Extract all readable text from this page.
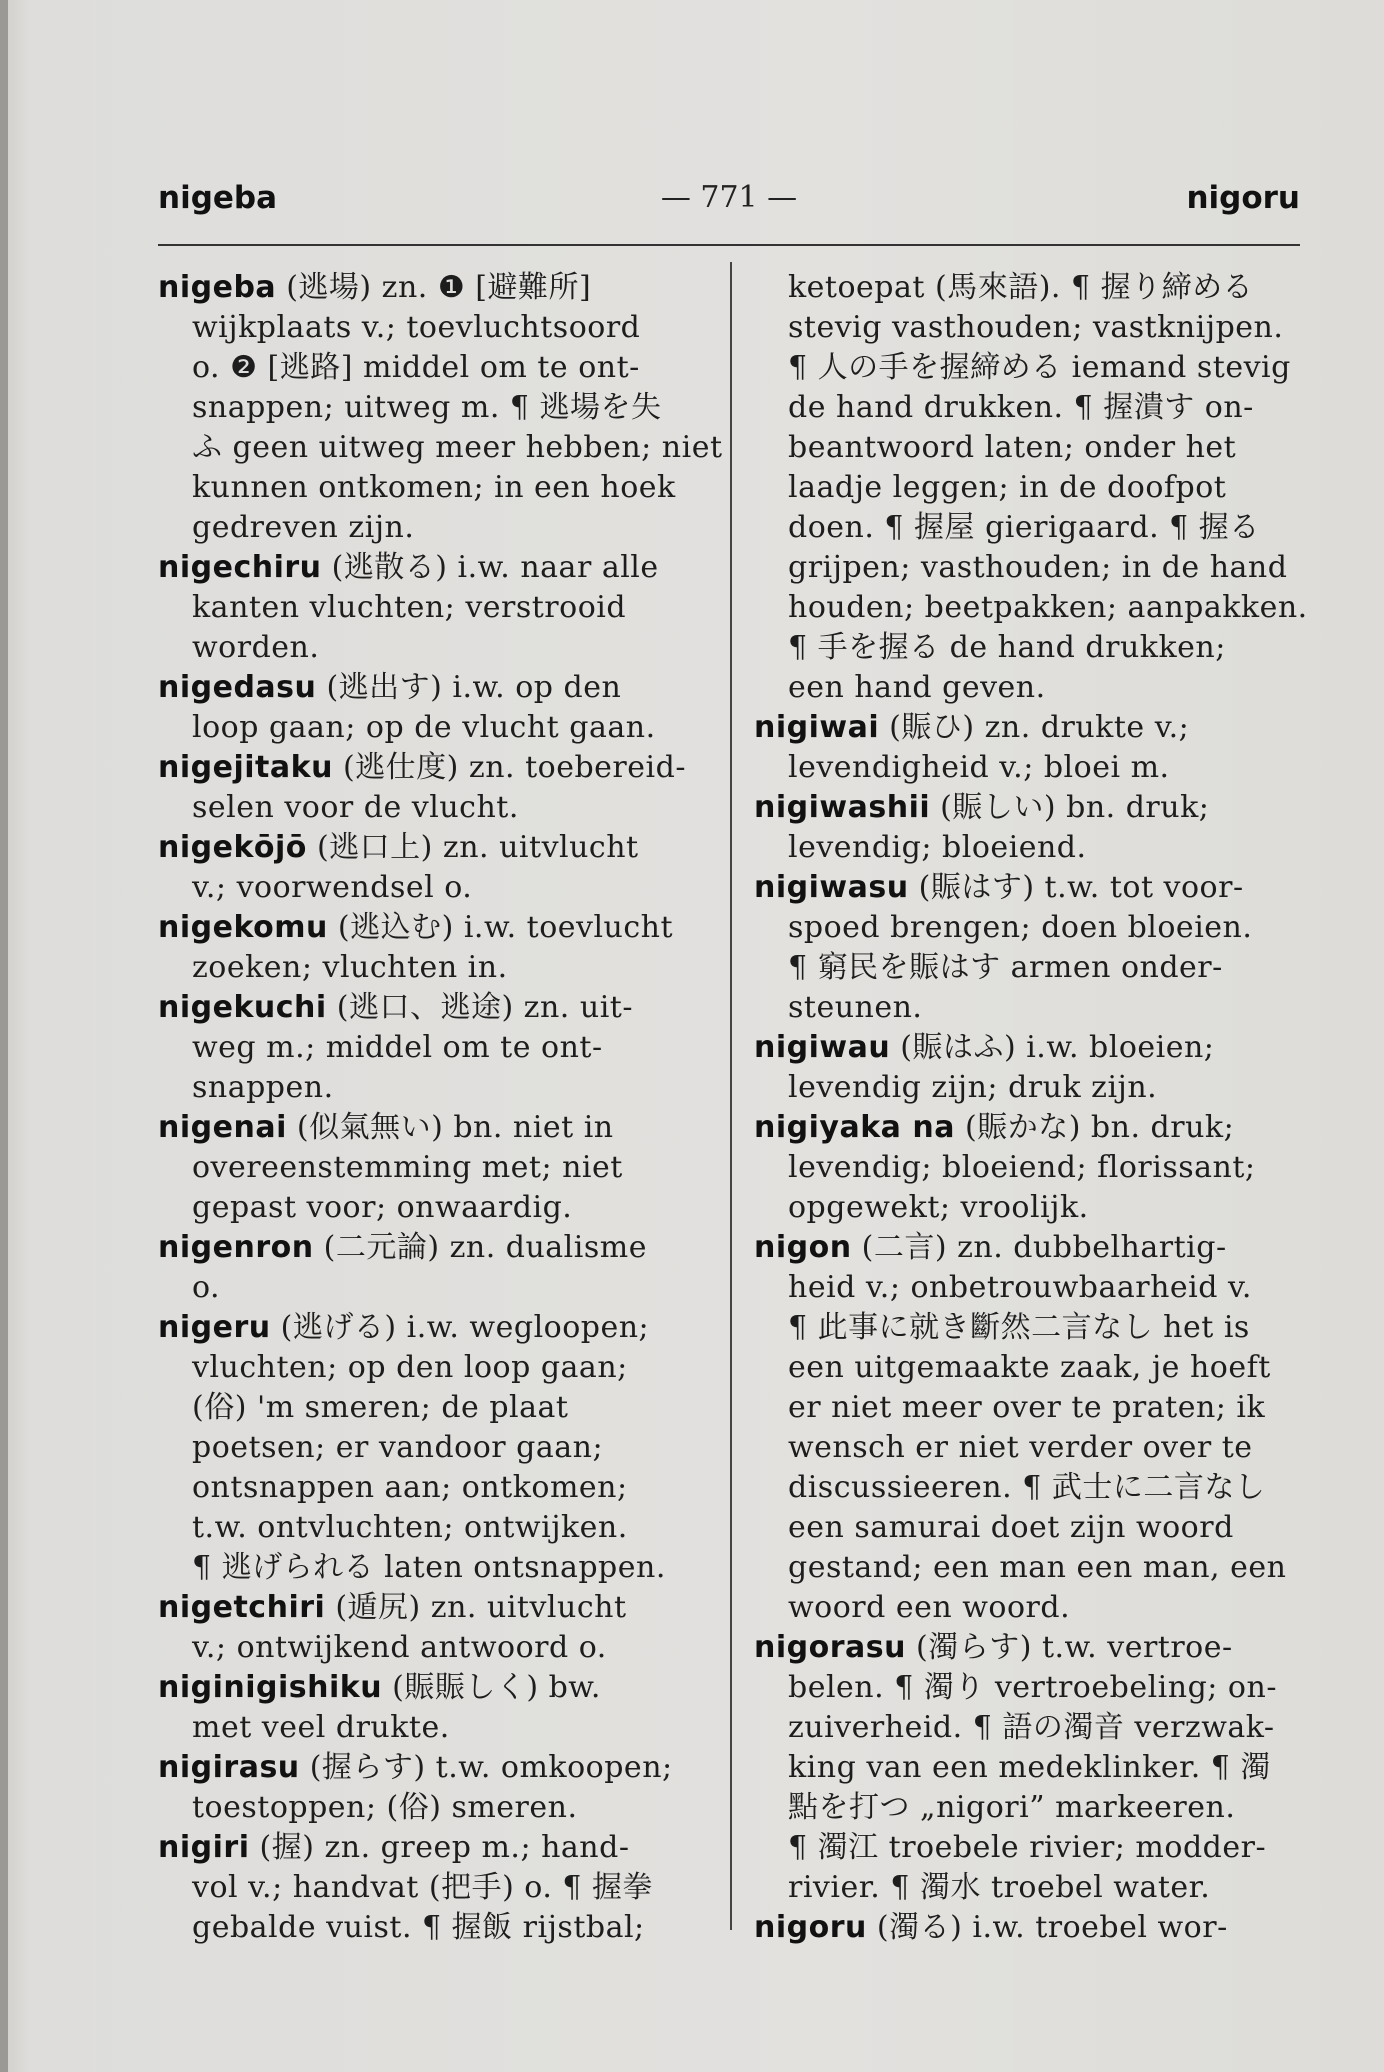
nigeba	— 771 —	nigoru
nigeba (逃場) zn. ❶ [避難所]
wijkplaats v.; toevluchtsoord
o. ❷ [逃路] middel om te ont-
snappen; uitweg m. ¶ 逃場を失
ふ geen uitweg meer hebben; niet
kunnen ontkomen; in een hoek
gedreven zijn.
nigechiru (逃散る) i.w. naar alle
kanten vluchten; verstrooid
worden.
nigedasu (逃出す) i.w. op den
loop gaan; op de vlucht gaan.
nigejitaku (逃仕度) zn. toebereid-
selen voor de vlucht.
nigekōjō (逃口上) zn. uitvlucht
v.; voorwendsel o.
nigekomu (逃込む) i.w. toevlucht
zoeken; vluchten in.
nigekuchi (逃口、逃途) zn. uit-
weg m.; middel om te ont-
snappen.
nigenai (似氣無い) bn. niet in
overeenstemming met; niet
gepast voor; onwaardig.
nigenron (二元論) zn. dualisme
o.
nigeru (逃げる) i.w. wegloopen;
vluchten; op den loop gaan;
(俗) 'm smeren; de plaat
poetsen; er vandoor gaan;
ontsnappen aan; ontkomen;
t.w. ontvluchten; ontwijken.
¶ 逃げられる laten ontsnappen.
nigetchiri (遁尻) zn. uitvlucht
v.; ontwijkend antwoord o.
niginigishiku (賑賑しく) bw.
met veel drukte.
nigirasu (握らす) t.w. omkoopen;
toestoppen; (俗) smeren.
nigiri (握) zn. greep m.; hand-
vol v.; handvat (把手) o. ¶ 握拳
gebalde vuist. ¶ 握飯 rijstbal;
ketoepat (馬來語). ¶ 握り締める
stevig vasthouden; vastknijpen.
¶ 人の手を握締める iemand stevig
de hand drukken. ¶ 握潰す on-
beantwoord laten; onder het
laadje leggen; in de doofpot
doen. ¶ 握屋 gierigaard. ¶ 握る
grijpen; vasthouden; in de hand
houden; beetpakken; aanpakken.
¶ 手を握る de hand drukken;
een hand geven.
nigiwai (賑ひ) zn. drukte v.;
levendigheid v.; bloei m.
nigiwashii (賑しい) bn. druk;
levendig; bloeiend.
nigiwasu (賑はす) t.w. tot voor-
spoed brengen; doen bloeien.
¶ 窮民を賑はす armen onder-
steunen.
nigiwau (賑はふ) i.w. bloeien;
levendig zijn; druk zijn.
nigiyaka na (賑かな) bn. druk;
levendig; bloeiend; florissant;
opgewekt; vroolijk.
nigon (二言) zn. dubbelhartig-
heid v.; onbetrouwbaarheid v.
¶ 此事に就き斷然二言なし het is
een uitgemaakte zaak, je hoeft
er niet meer over te praten; ik
wensch er niet verder over te
discussieeren. ¶ 武士に二言なし
een samurai doet zijn woord
gestand; een man een man, een
woord een woord.
nigorasu (濁らす) t.w. vertroe-
belen. ¶ 濁り vertroebeling; on-
zuiverheid. ¶ 語の濁音 verzwak-
king van een medeklinker. ¶ 濁
點を打つ „nigori” markeeren.
¶ 濁江 troebele rivier; modder-
rivier. ¶ 濁水 troebel water.
nigoru (濁る) i.w. troebel wor-
